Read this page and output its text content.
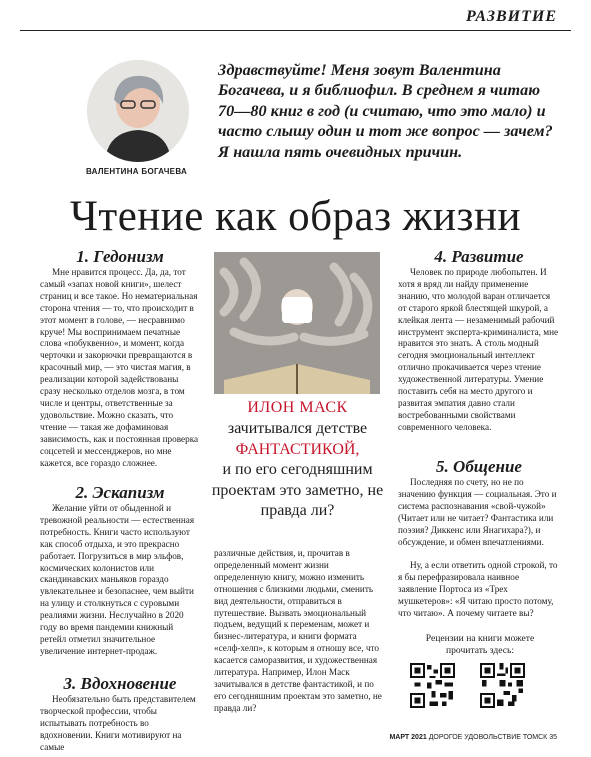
РАЗВИТИЕ
ВАЛЕНТИНА БОГАЧЕВА
Здравствуйте! Меня зовут Валентина Богачева, и я библиофил. В среднем я читаю 70—80 книг в год (и считаю, что это мало) и часто слышу один и тот же вопрос — зачем? Я нашла пять очевидных причин.
Чтение как образ жизни
1. Гедонизм

Мне нравится процесс. Да, да, тот самый «запах новой книги», шелест страниц и все такое. Но нематериальная сторона чтения — то, что происходит в этот момент в голове, — несравнимо круче! Мы воспринимаем печатные слова «побуквенно», и момент, когда черточки и закорючки превращаются в красочный мир, — это чистая магия, в реализации которой задействованы сразу несколько отделов мозга, в том числе и центры, ответственные за удовольствие. Можно сказать, что чтение — такая же дофаминовая зависимость, как и постоянная проверка соцсетей и мессенджеров, но мне кажется, все гораздо сложнее.

2. Эскапизм

Желание уйти от обыденной и тревожной реальности — естественная потребность. Книги часто используют как способ отдыха, и это прекрасно работает. Погрузиться в мир эльфов, космических колонистов или скандинавских маньяков гораздо увлекательнее и безопаснее, чем выйти на улицу и столкнуться с суровыми реалиями жизни. Неслучайно в 2020 году во время пандемии книжный ретейл отметил значительное увеличение интернет-продаж.

3. Вдохновение

Необязательно быть представителем творческой профессии, чтобы испытывать потребность во вдохновении. Книги мотивируют на самые

ИЛОН МАСК
зачитывался детстве
ФАНТАСТИКОЙ,
и по его сегодняшним проектам это заметно, не правда ли?

различные действия, и, прочитав в определенный момент жизни определенную книгу, можно изменить отношения с близкими людьми, сменить вид деятельности, отправиться в путешествие. Вызвать эмоциональный подъем, ведущий к переменам, может и бизнес-литература, и книги формата «селф-хелп», к которым я отношу все, что касается саморазвития, и художественная литература. Например, Илон Маск зачитывался в детстве фантастикой, и по его сегодняшним проектам это заметно, не правда ли?

4. Развитие

Человек по природе любопытен. И хотя я вряд ли найду применение знанию, что молодой варан отличается от старого яркой блестящей шкурой, а клейкая лента — незаменимый рабочий инструмент эксперта-криминалиста, мне нравится это знать. А столь модный сегодня эмоциональный интеллект отлично прокачивается через чтение художественной литературы. Умение поставить себя на место другого и развитая эмпатия давно стали востребованными свойствами современного человека.

5. Общение

Последняя по счету, но не по значению функция — социальная. Это и система распознавания «свой-чужой» (Читает или не читает? Фантастика или поэзия? Диккенс или Янагихара?), и обсуждение, и обмен впечатлениями.

Ну, а если ответить одной строкой, то я бы перефразировала наивное заявление Портоса из «Трех мушкетеров»: «Я читаю просто потому, что читаю». А почему читаете вы?

Рецензии на книги можете прочитать здесь:
МАРТ 2021 ДОРОГОЕ УДОВОЛЬСТВИЕ ТОМСК 35
